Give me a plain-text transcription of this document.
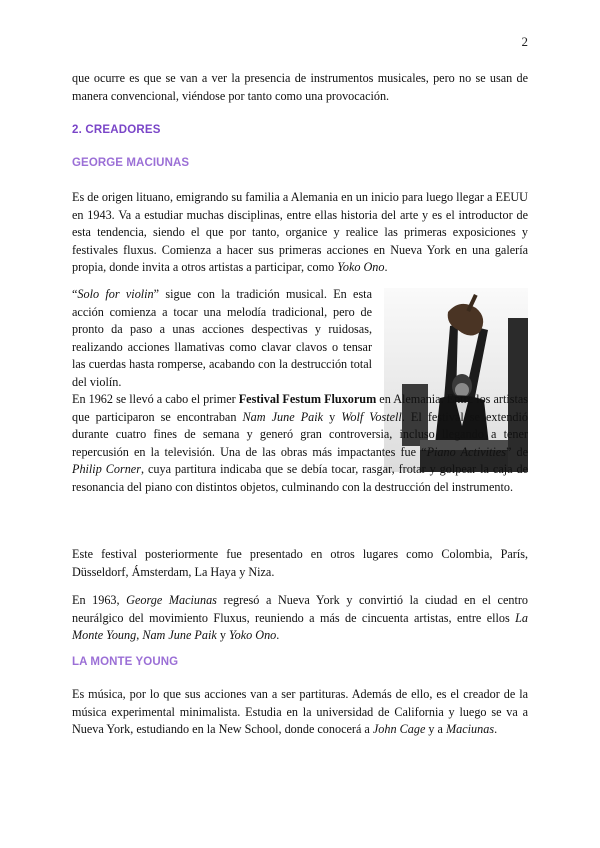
2

que ocurre es que se van a ver la presencia de instrumentos musicales, pero no se usan de manera convencional, viéndose por tanto como una provocación.

2. CREADORES
GEORGE MACIUNAS

Es de origen lituano, emigrando su familia a Alemania en un inicio para luego llegar a EEUU en 1943. Va a estudiar muchas disciplinas, entre ellas historia del arte y es el introductor de esta tendencia, siendo el que por tanto, organice y realice las primeras exposiciones y festivales fluxus. Comienza a hacer sus primeras acciones en Nueva York en una galería propia, donde invita a otros artistas a participar, como Yoko Ono.

“Solo for violin” sigue con la tradición musical. En esta acción comienza a tocar una melodía tradicional, pero de pronto da paso a unas acciones despectivas y ruidosas, realizando acciones llamativas como clavar clavos o tensar las cuerdas hasta romperse, acabando con la destrucción total del violín.

En 1962 se llevó a cabo el primer Festival Festum Fluxorum en Alemania. Entre los artistas que participaron se encontraban Nam June Paik y Wolf Vostell. El festival se extendió durante cuatro fines de semana y generó gran controversia, incluso llegando a tener repercusión en la televisión. Una de las obras más impactantes fue “Piano Activities” de Philip Corner, cuya partitura indicaba que se debía tocar, rasgar, frotar y golpear la caja de resonancia del piano con distintos objetos, culminando con la destrucción del instrumento.

Este festival posteriormente fue presentado en otros lugares como Colombia, París, Düsseldorf, Ámsterdam, La Haya y Niza.

En 1963, George Maciunas regresó a Nueva York y convirtió la ciudad en el centro neurálgico del movimiento Fluxus, reuniendo a más de cincuenta artistas, entre ellos La Monte Young, Nam June Paik y Yoko Ono.

LA MONTE YOUNG

Es música, por lo que sus acciones van a ser partituras. Además de ello, es el creador de la música experimental minimalista. Estudia en la universidad de California y luego se va a Nueva York, estudiando en la New School, donde conocerá a John Cage y a Maciunas.
